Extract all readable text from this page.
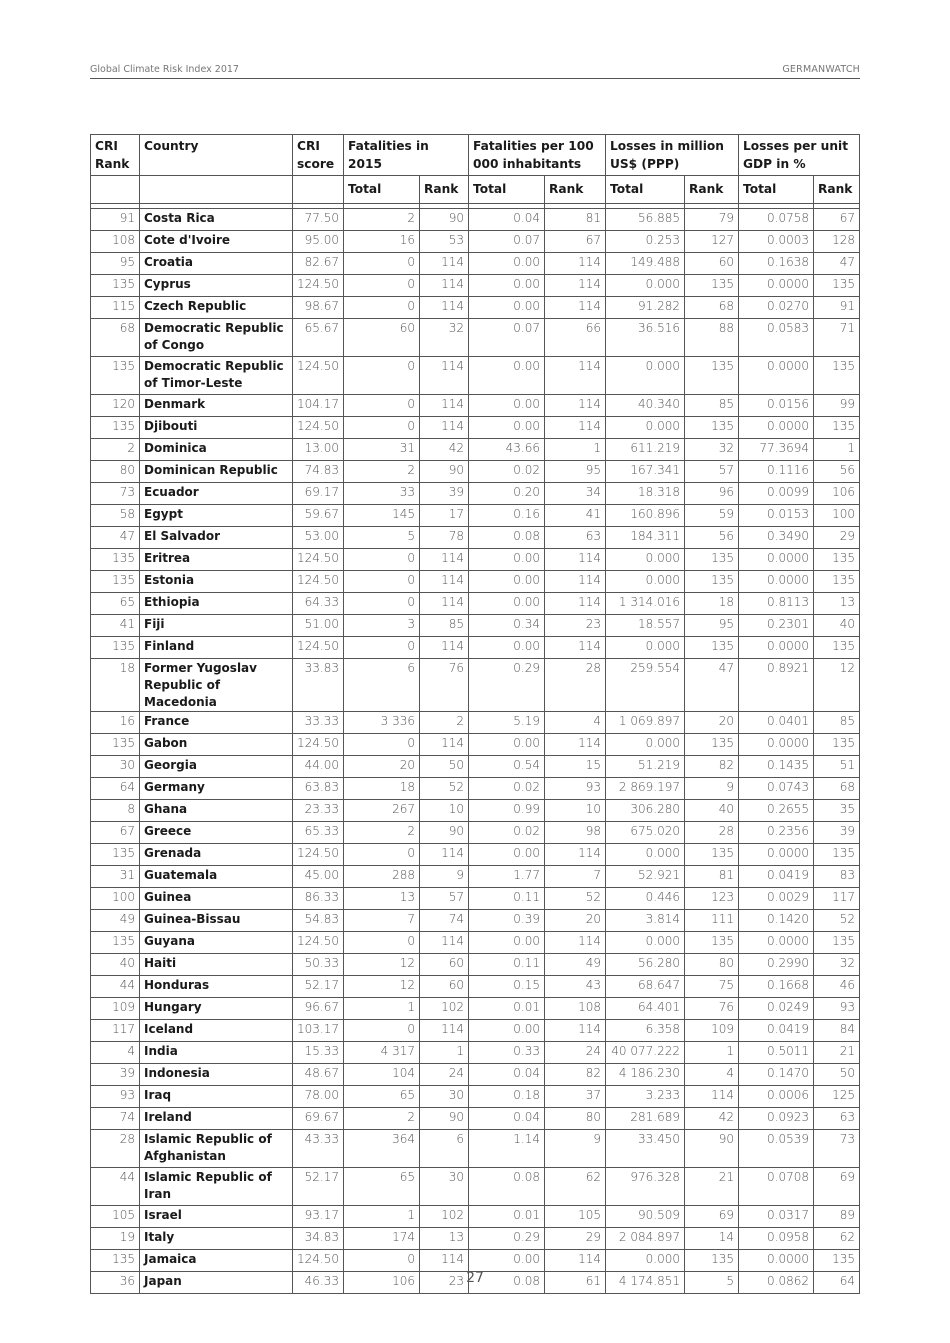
Global Climate Risk Index 2017	GERMANWATCH
CRI Rank	Country	CRI score	Fatalities in 2015		Fatalities per 100 000 inhabitants		Losses in million US$ (PPP)		Losses per unit GDP in %	
			Total	Rank	Total	Rank	Total	Rank	Total	Rank

91	Costa Rica	77.50	2	90	0.04	81	56.885	79	0.0758	67
108	Cote d'Ivoire	95.00	16	53	0.07	67	0.253	127	0.0003	128
95	Croatia	82.67	0	114	0.00	114	149.488	60	0.1638	47
135	Cyprus	124.50	0	114	0.00	114	0.000	135	0.0000	135
115	Czech Republic	98.67	0	114	0.00	114	91.282	68	0.0270	91
68	Democratic Republic of Congo	65.67	60	32	0.07	66	36.516	88	0.0583	71
135	Democratic Republic of Timor-Leste	124.50	0	114	0.00	114	0.000	135	0.0000	135
120	Denmark	104.17	0	114	0.00	114	40.340	85	0.0156	99
135	Djibouti	124.50	0	114	0.00	114	0.000	135	0.0000	135
2	Dominica	13.00	31	42	43.66	1	611.219	32	77.3694	1
80	Dominican Republic	74.83	2	90	0.02	95	167.341	57	0.1116	56
73	Ecuador	69.17	33	39	0.20	34	18.318	96	0.0099	106
58	Egypt	59.67	145	17	0.16	41	160.896	59	0.0153	100
47	El Salvador	53.00	5	78	0.08	63	184.311	56	0.3490	29
135	Eritrea	124.50	0	114	0.00	114	0.000	135	0.0000	135
135	Estonia	124.50	0	114	0.00	114	0.000	135	0.0000	135
65	Ethiopia	64.33	0	114	0.00	114	1 314.016	18	0.8113	13
41	Fiji	51.00	3	85	0.34	23	18.557	95	0.2301	40
135	Finland	124.50	0	114	0.00	114	0.000	135	0.0000	135
18	Former Yugoslav Republic of Macedonia	33.83	6	76	0.29	28	259.554	47	0.8921	12
16	France	33.33	3 336	2	5.19	4	1 069.897	20	0.0401	85
135	Gabon	124.50	0	114	0.00	114	0.000	135	0.0000	135
30	Georgia	44.00	20	50	0.54	15	51.219	82	0.1435	51
64	Germany	63.83	18	52	0.02	93	2 869.197	9	0.0743	68
8	Ghana	23.33	267	10	0.99	10	306.280	40	0.2655	35
67	Greece	65.33	2	90	0.02	98	675.020	28	0.2356	39
135	Grenada	124.50	0	114	0.00	114	0.000	135	0.0000	135
31	Guatemala	45.00	288	9	1.77	7	52.921	81	0.0419	83
100	Guinea	86.33	13	57	0.11	52	0.446	123	0.0029	117
49	Guinea-Bissau	54.83	7	74	0.39	20	3.814	111	0.1420	52
135	Guyana	124.50	0	114	0.00	114	0.000	135	0.0000	135
40	Haiti	50.33	12	60	0.11	49	56.280	80	0.2990	32
44	Honduras	52.17	12	60	0.15	43	68.647	75	0.1668	46
109	Hungary	96.67	1	102	0.01	108	64.401	76	0.0249	93
117	Iceland	103.17	0	114	0.00	114	6.358	109	0.0419	84
4	India	15.33	4 317	1	0.33	24	40 077.222	1	0.5011	21
39	Indonesia	48.67	104	24	0.04	82	4 186.230	4	0.1470	50
93	Iraq	78.00	65	30	0.18	37	3.233	114	0.0006	125
74	Ireland	69.67	2	90	0.04	80	281.689	42	0.0923	63
28	Islamic Republic of Afghanistan	43.33	364	6	1.14	9	33.450	90	0.0539	73
44	Islamic Republic of Iran	52.17	65	30	0.08	62	976.328	21	0.0708	69
105	Israel	93.17	1	102	0.01	105	90.509	69	0.0317	89
19	Italy	34.83	174	13	0.29	29	2 084.897	14	0.0958	62
135	Jamaica	124.50	0	114	0.00	114	0.000	135	0.0000	135
36	Japan	46.33	106	23	0.08	61	4 174.851	5	0.0862	64
27
